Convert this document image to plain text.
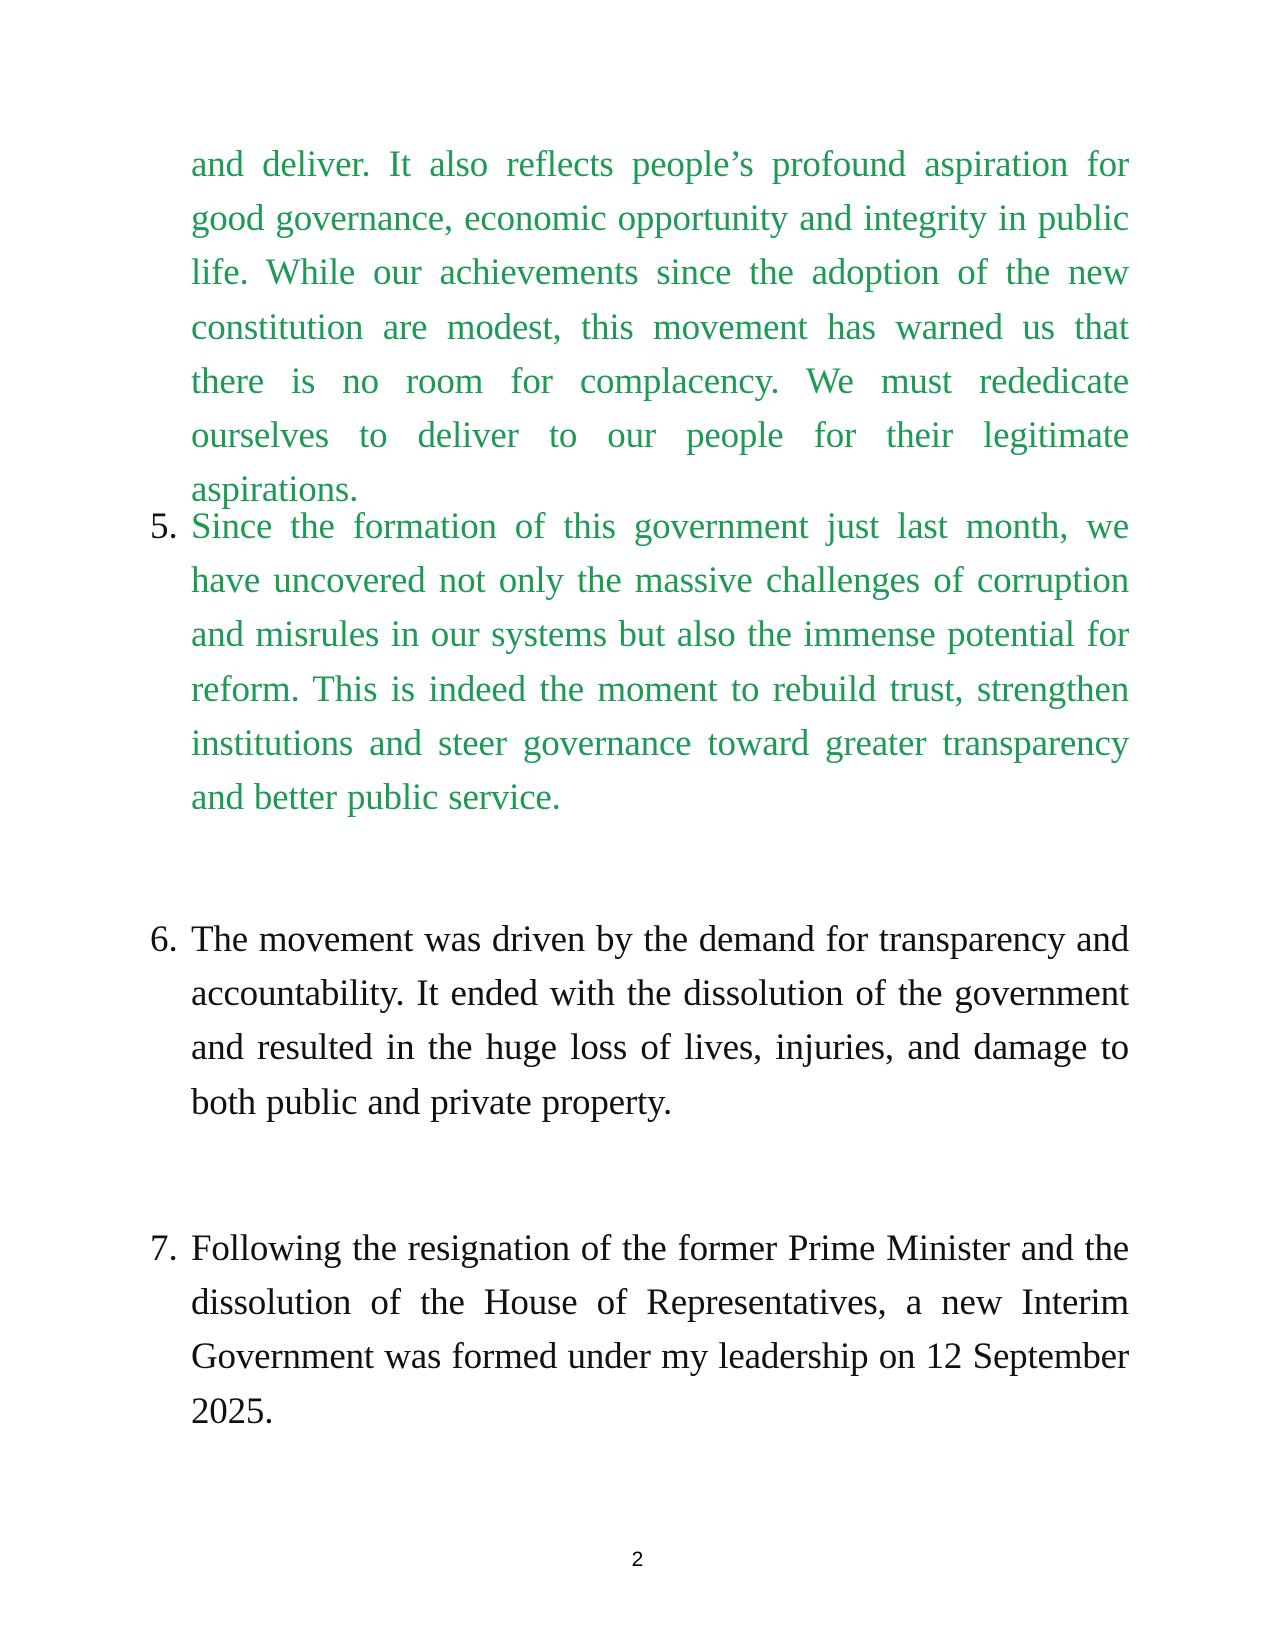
and deliver. It also reflects people’s profound aspiration for good governance, economic opportunity and integrity in public life. While our achievements since the adoption of the new constitution are modest, this movement has warned us that there is no room for complacency. We must rededicate ourselves to deliver to our people for their legitimate aspirations.
5. Since the formation of this government just last month, we have uncovered not only the massive challenges of corruption and misrules in our systems but also the immense potential for reform. This is indeed the moment to rebuild trust, strengthen institutions and steer governance toward greater transparency and better public service.
6. The movement was driven by the demand for transparency and accountability. It ended with the dissolution of the government and resulted in the huge loss of lives, injuries, and damage to both public and private property.
7. Following the resignation of the former Prime Minister and the dissolution of the House of Representatives, a new Interim Government was formed under my leadership on 12 September 2025.
2
